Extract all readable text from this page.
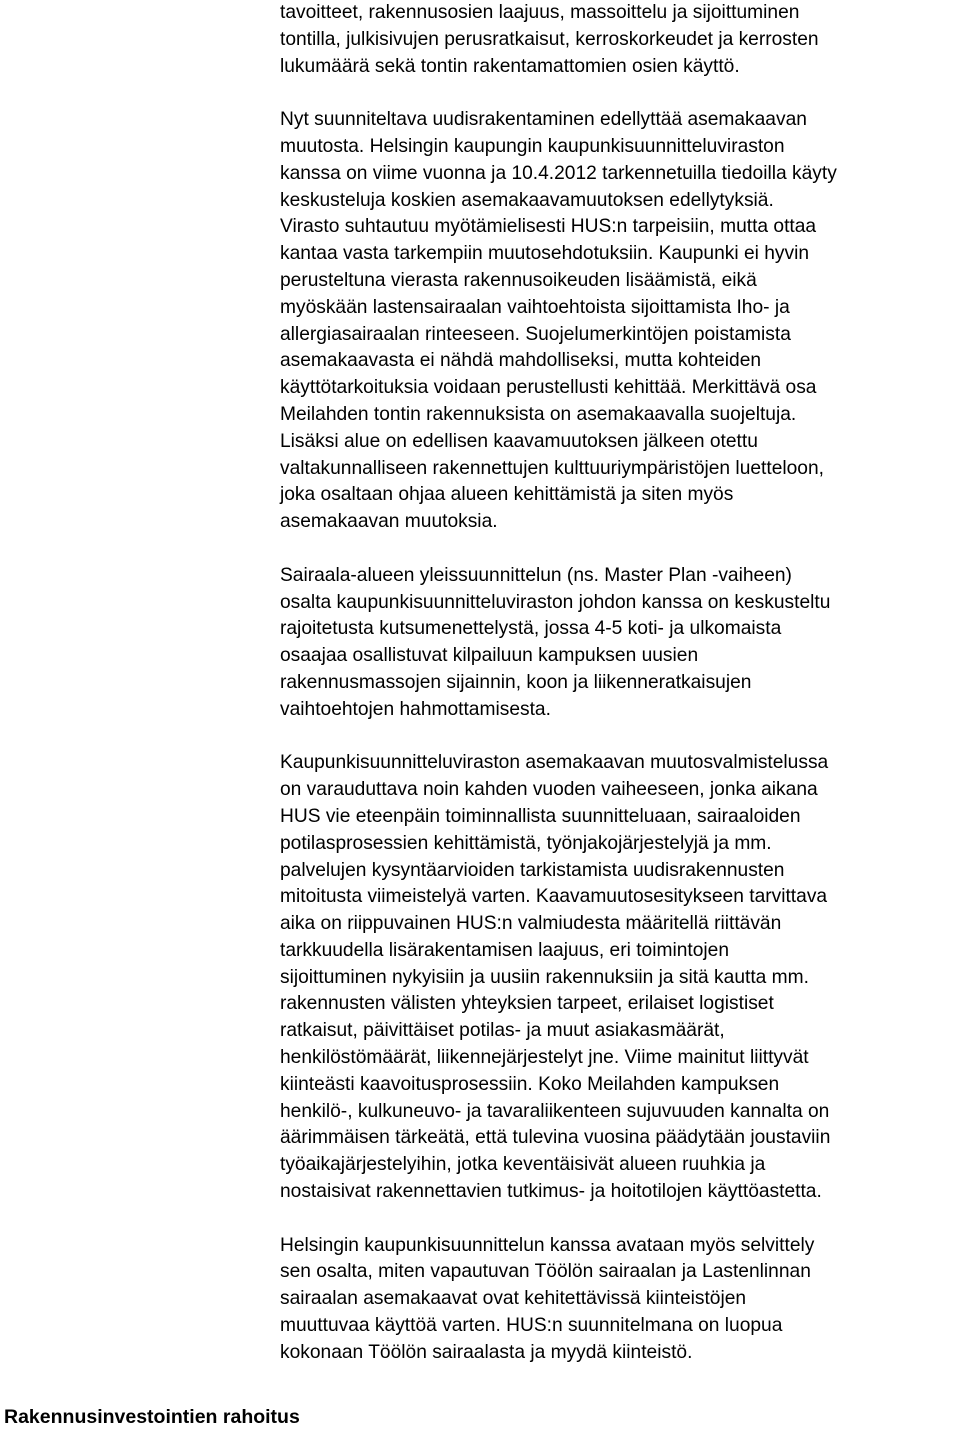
tavoitteet, rakennusosien laajuus, massoittelu ja sijoittuminen
tontilla, julkisivujen perusratkaisut, kerroskorkeudet ja kerrosten
lukumäärä sekä tontin rakentamattomien osien käyttö.
Nyt suunniteltava uudisrakentaminen edellyttää asemakaavan
muutosta. Helsingin kaupungin kaupunkisuunnitteluviraston
kanssa on viime vuonna ja 10.4.2012 tarkennetuilla tiedoilla käyty
keskusteluja koskien asemakaavamuutoksen edellytyksiä.
Virasto suhtautuu myötämielisesti HUS:n tarpeisiin, mutta ottaa
kantaa vasta tarkempiin muutosehdotuksiin. Kaupunki ei hyvin
perusteltuna vierasta rakennusoikeuden lisäämistä, eikä
myöskään lastensairaalan vaihtoehtoista sijoittamista Iho- ja
allergiasairaalan rinteeseen. Suojelumerkintöjen poistamista
asemakaavasta ei nähdä mahdolliseksi, mutta kohteiden
käyttötarkoituksia voidaan perustellusti kehittää. Merkittävä osa
Meilahden tontin rakennuksista on asemakaavalla suojeltuja.
Lisäksi alue on edellisen kaavamuutoksen jälkeen otettu
valtakunnalliseen rakennettujen kulttuuriympäristöjen luetteloon,
joka osaltaan ohjaa alueen kehittämistä ja siten myös
asemakaavan muutoksia.
Sairaala-alueen yleissuunnittelun (ns. Master Plan -vaiheen)
osalta kaupunkisuunnitteluviraston johdon kanssa on keskusteltu
rajoitetusta kutsumenettelystä, jossa 4-5 koti- ja ulkomaista
osaajaa osallistuvat kilpailuun kampuksen uusien
rakennusmassojen sijainnin, koon ja liikenneratkaisujen
vaihtoehtojen hahmottamisesta.
Kaupunkisuunnitteluviraston asemakaavan muutosvalmistelussa
on varauduttava noin kahden vuoden vaiheeseen, jonka aikana
HUS vie eteenpäin toiminnallista suunnitteluaan, sairaaloiden
potilasprosessien kehittämistä, työnjakojärjestelyjä ja mm.
palvelujen kysyntäarvioiden tarkistamista uudisrakennusten
mitoitusta viimeistelyä varten. Kaavamuutosesitykseen tarvittava
aika on riippuvainen HUS:n valmiudesta määritellä riittävän
tarkkuudella lisärakentamisen laajuus, eri toimintojen
sijoittuminen nykyisiin ja uusiin rakennuksiin ja sitä kautta mm.
rakennusten välisten yhteyksien tarpeet, erilaiset logistiset
ratkaisut, päivittäiset potilas- ja muut asiakasmäärät,
henkilöstömäärät, liikennejärjestelyt jne. Viime mainitut liittyvät
kiinteästi kaavoitusprosessiin. Koko Meilahden kampuksen
henkilö-, kulkuneuvo- ja tavaraliikenteen sujuvuuden kannalta on
äärimmäisen tärkeätä, että tulevina vuosina päädytään joustaviin
työaikajärjestelyihin, jotka keventäisivät alueen ruuhkia ja
nostaisivat rakennettavien tutkimus- ja hoitotilojen käyttöastetta.
Helsingin kaupunkisuunnittelun kanssa avataan myös selvittely
sen osalta, miten vapautuvan Töölön sairaalan ja Lastenlinnan
sairaalan asemakaavat ovat kehitettävissä kiinteistöjen
muuttuvaa käyttöä varten. HUS:n suunnitelmana on luopua
kokonaan Töölön sairaalasta ja myydä kiinteistö.
Rakennusinvestointien rahoitus
